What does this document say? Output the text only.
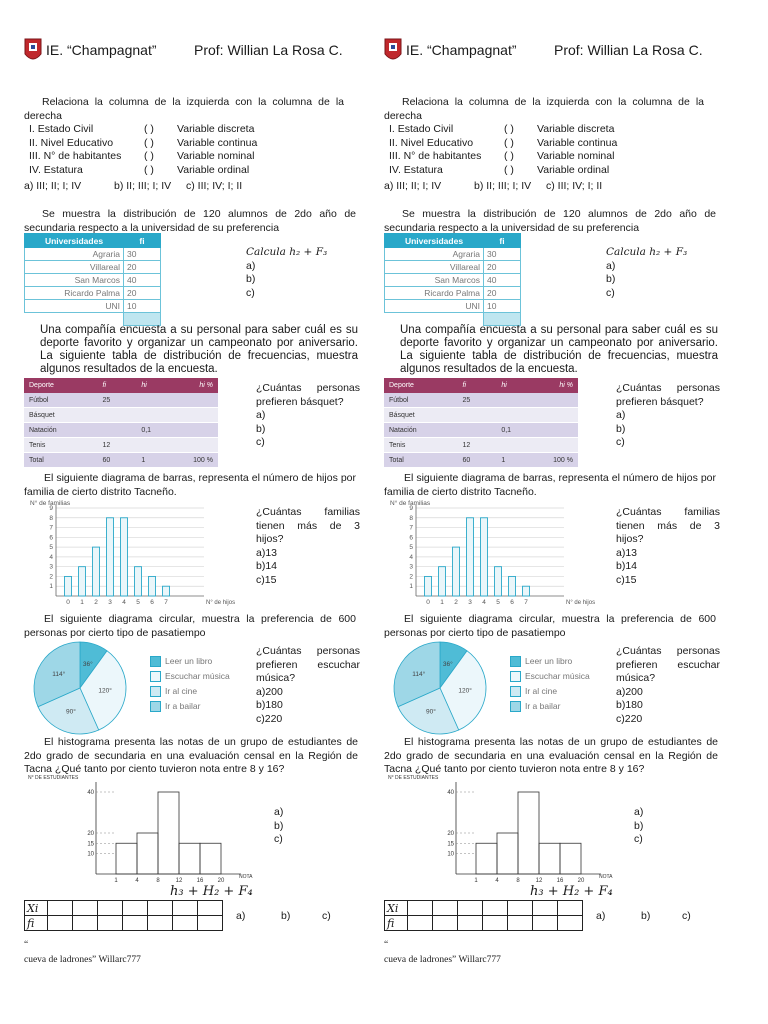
IE. “Champagnat”	Prof: Willian La Rosa C.
Relaciona la columna de la izquierda con la columna de la derecha
I. Estado Civil	( ) Variable discreta
II. Nivel Educativo	( ) Variable continua
III. N° de habitantes ( ) Variable nominal
IV. Estatura	( ) Variable ordinal
a) III; II; I; IV	b) II; III; I; IV c) III; IV; I; II
Se muestra la distribución de 120 alumnos de 2do año de secundaria respecto a la universidad de su preferencia
Universidades	fi
Agraria	30
Villareal	20
San Marcos	40
Ricardo Palma	20
UNI	10

Calcula h₂ + F₃
a)
b)
c)
Una compañía encuesta a su personal para saber cuál es su deporte favorito y organizar un campeonato por aniversario. La siguiente tabla de distribución de frecuencias, muestra algunos resultados de la encuesta.
Deporte	fi	hi	hi %
Fútbol	25		
Básquet			
Natación		0,1	
Tenis	12		
Total	60	1	100 %
¿Cuántas personas prefieren básquet?
a)
b)
c)
El siguiente diagrama de barras, representa el número de hijos por familia de cierto distrito Tacneño.
N° de familias
1
2
3
4
5
6
7
8
9
0 1 2 3 4 5 6 7	N° de hijos
¿Cuántas familias tienen más de 3 hijos?
a)13
b)14
c)15
El siguiente diagrama circular, muestra la preferencia de 600 personas por cierto tipo de pasatiempo
36°
120°
90°
114°
Leer un libro
Escuchar música
Ir al cine
Ir a bailar
¿Cuántas personas prefieren escuchar música?
a)200
b)180
c)220
El histograma presenta las notas de un grupo de estudiantes de 2do grado de secundaria en una evaluación censal en la Región de Tacna ¿Qué tanto por ciento tuvieron nota entre 8 y 16?
N° DE ESTUDIANTES
10
15
20
40
1	4	8	12 16 20
NOTA
a)
b)
c)
h₃ + H₂ + F₄
Xi							
fi							
a)	b)	c)
“
cueva de ladrones” Willarc777
IE. “Champagnat”	Prof: Willian La Rosa C.
Relaciona la columna de la izquierda con la columna de la derecha
I. Estado Civil	( ) Variable discreta
II. Nivel Educativo	( ) Variable continua
III. N° de habitantes ( ) Variable nominal
IV. Estatura	( ) Variable ordinal
a) III; II; I; IV	b) II; III; I; IV c) III; IV; I; II
Se muestra la distribución de 120 alumnos de 2do año de secundaria respecto a la universidad de su preferencia
Universidades	fi
Agraria	30
Villareal	20
San Marcos	40
Ricardo Palma	20
UNI	10

Calcula h₂ + F₃
a)
b)
c)
Una compañía encuesta a su personal para saber cuál es su deporte favorito y organizar un campeonato por aniversario. La siguiente tabla de distribución de frecuencias, muestra algunos resultados de la encuesta.
Deporte	fi	hi	hi %
Fútbol	25		
Básquet			
Natación		0,1	
Tenis	12		
Total	60	1	100 %
¿Cuántas personas prefieren básquet?
a)
b)
c)
El siguiente diagrama de barras, representa el número de hijos por familia de cierto distrito Tacneño.
N° de familias
1
2
3
4
5
6
7
8
9
0 1 2 3 4 5 6 7	N° de hijos
¿Cuántas familias tienen más de 3 hijos?
a)13
b)14
c)15
El siguiente diagrama circular, muestra la preferencia de 600 personas por cierto tipo de pasatiempo
36°
120°
90°
114°
Leer un libro
Escuchar música
Ir al cine
Ir a bailar
¿Cuántas personas prefieren escuchar música?
a)200
b)180
c)220
El histograma presenta las notas de un grupo de estudiantes de 2do grado de secundaria en una evaluación censal en la Región de Tacna ¿Qué tanto por ciento tuvieron nota entre 8 y 16?
N° DE ESTUDIANTES
10
15
20
40
1	4	8	12 16 20
NOTA
a)
b)
c)
h₃ + H₂ + F₄
Xi							
fi							
a)	b)	c)
“
cueva de ladrones” Willarc777
